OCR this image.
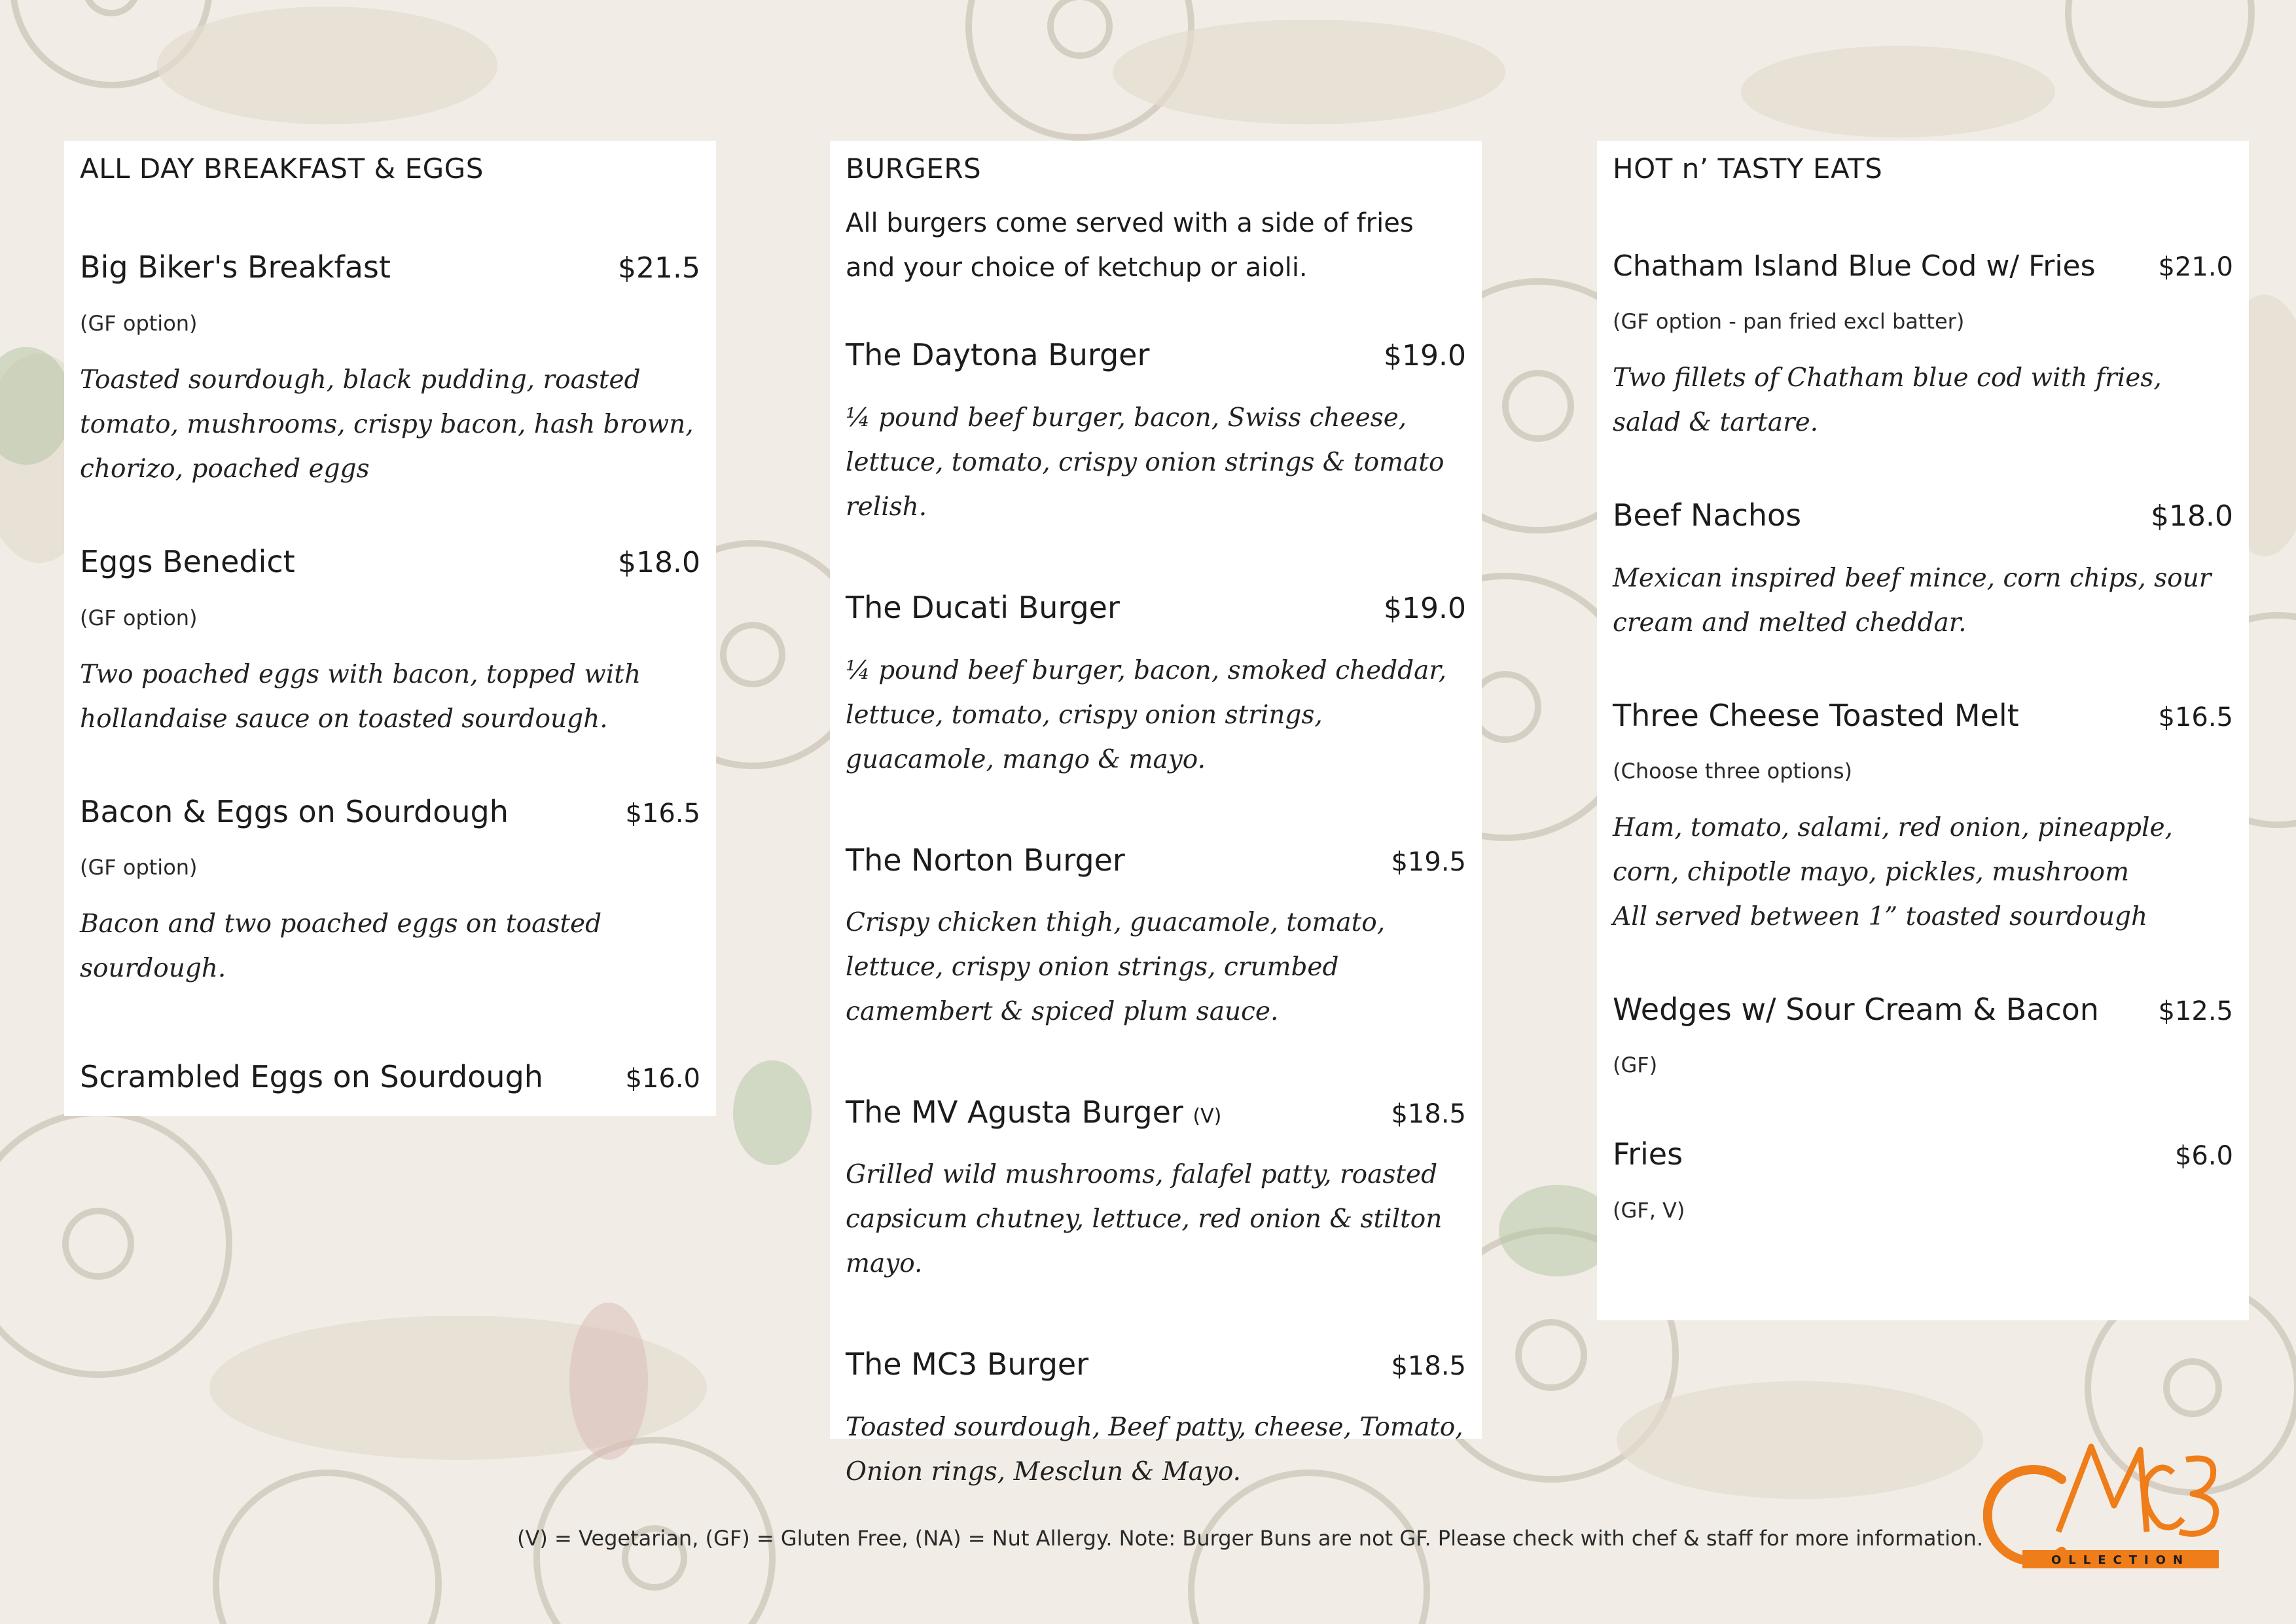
ALL DAY BREAKFAST & EGGS
Big Biker's Breakfast	$21.5
(GF option)
Toasted sourdough, black pudding, roasted tomato, mushrooms, crispy bacon, hash brown, chorizo, poached eggs
Eggs Benedict	$18.0
(GF option)
Two poached eggs with bacon, topped with hollandaise sauce on toasted sourdough.
Bacon & Eggs on Sourdough	$16.5
(GF option)
Bacon and two poached eggs on toasted sourdough.
Scrambled Eggs on Sourdough	$16.0
BURGERS
All burgers come served with a side of fries and your choice of ketchup or aioli.
The Daytona Burger	$19.0
¼ pound beef burger, bacon, Swiss cheese, lettuce, tomato, crispy onion strings & tomato relish.
The Ducati Burger	$19.0
¼ pound beef burger, bacon, smoked cheddar, lettuce, tomato, crispy onion strings, guacamole, mango & mayo.
The Norton Burger	$19.5
Crispy chicken thigh, guacamole, tomato, lettuce, crispy onion strings, crumbed camembert & spiced plum sauce.
The MV Agusta Burger (V)	$18.5
Grilled wild mushrooms, falafel patty, roasted capsicum chutney, lettuce, red onion & stilton mayo.
The MC3 Burger	$18.5
Toasted sourdough, Beef patty, cheese, Tomato, Onion rings, Mesclun & Mayo.
HOT n’ TASTY EATS
Chatham Island Blue Cod w/ Fries $21.0
(GF option - pan fried excl batter)
Two fillets of Chatham blue cod with fries, salad & tartare.
Beef Nachos	$18.0
Mexican inspired beef mince, corn chips, sour cream and melted cheddar.
Three Cheese Toasted Melt	$16.5
(Choose three options)
Ham, tomato, salami, red onion, pineapple, corn, chipotle mayo, pickles, mushroom
All served between 1” toasted sourdough
Wedges w/ Sour Cream & Bacon $12.5
(GF)
Fries	$6.0
(GF, V)
(V) = Vegetarian, (GF) = Gluten Free, (NA) = Nut Allergy. Note: Burger Buns are not GF. Please check with chef & staff for more information.
OLLECTION
